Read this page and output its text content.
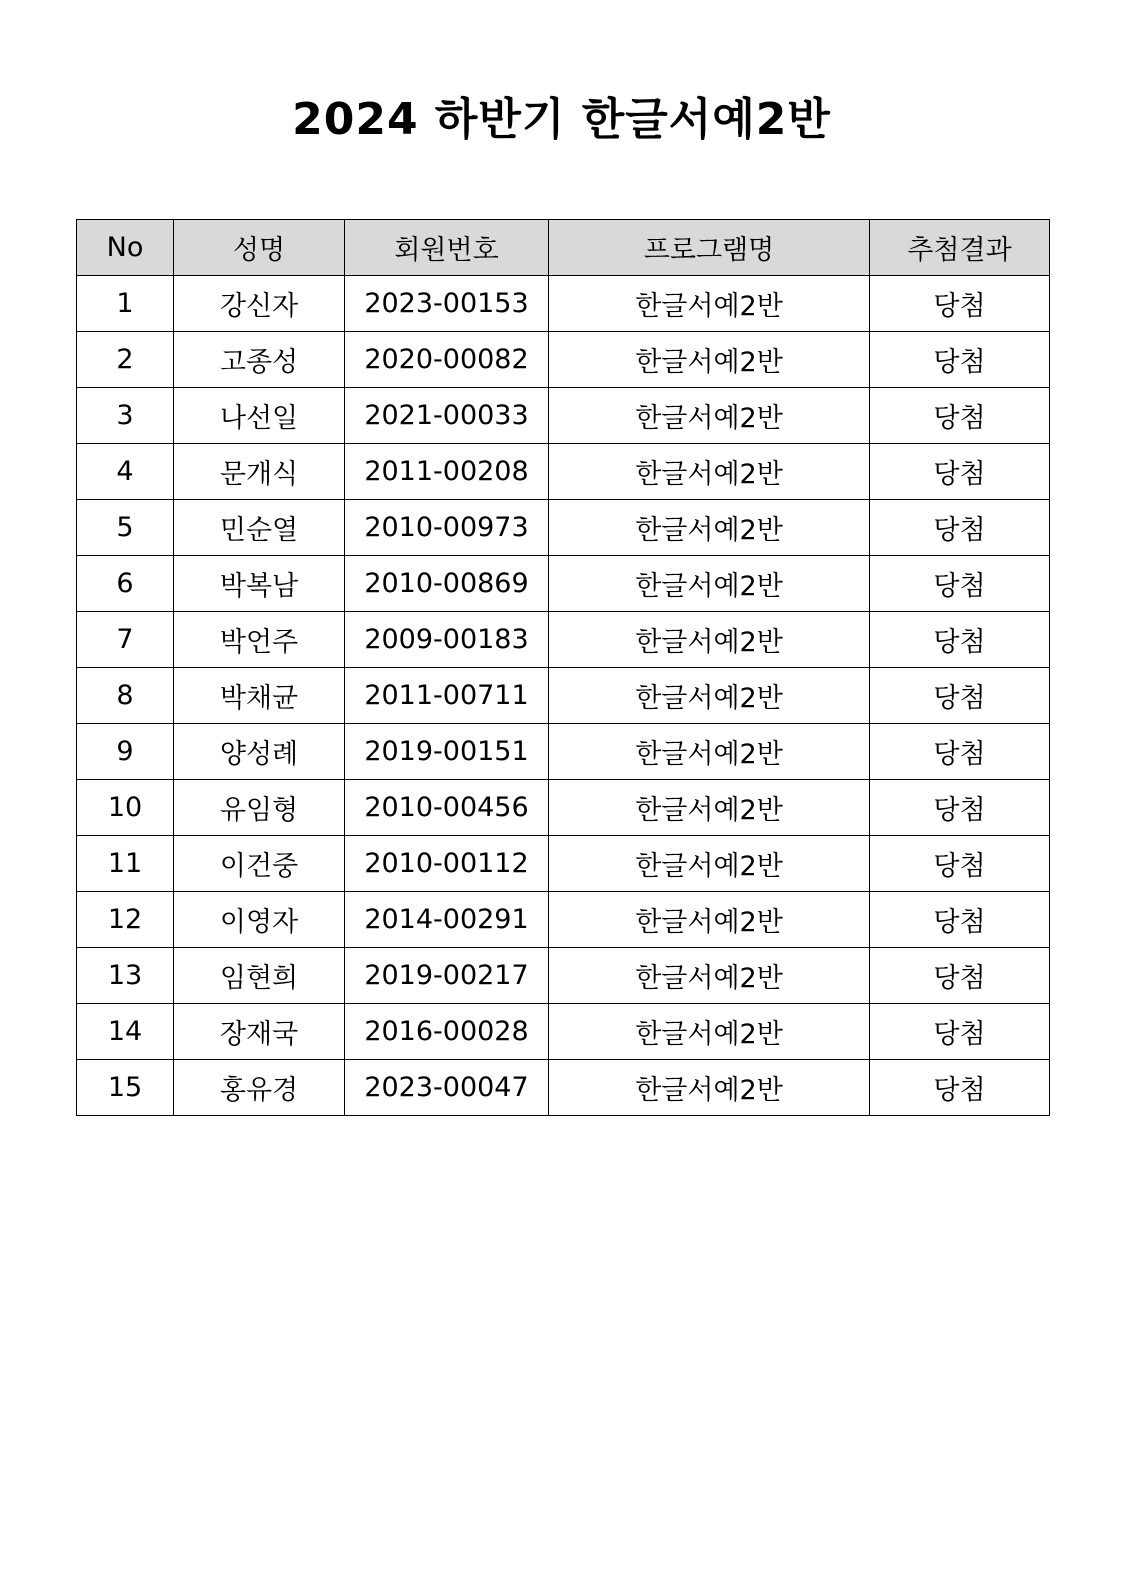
2024 하반기 한글서예2반
No	성명	회원번호	프로그램명	추첨결과
1	강신자	2023-00153	한글서예2반	당첨
2	고종성	2020-00082	한글서예2반	당첨
3	나선일	2021-00033	한글서예2반	당첨
4	문개식	2011-00208	한글서예2반	당첨
5	민순열	2010-00973	한글서예2반	당첨
6	박복남	2010-00869	한글서예2반	당첨
7	박언주	2009-00183	한글서예2반	당첨
8	박채균	2011-00711	한글서예2반	당첨
9	양성례	2019-00151	한글서예2반	당첨
10	유임형	2010-00456	한글서예2반	당첨
11	이건중	2010-00112	한글서예2반	당첨
12	이영자	2014-00291	한글서예2반	당첨
13	임현희	2019-00217	한글서예2반	당첨
14	장재국	2016-00028	한글서예2반	당첨
15	홍유경	2023-00047	한글서예2반	당첨
